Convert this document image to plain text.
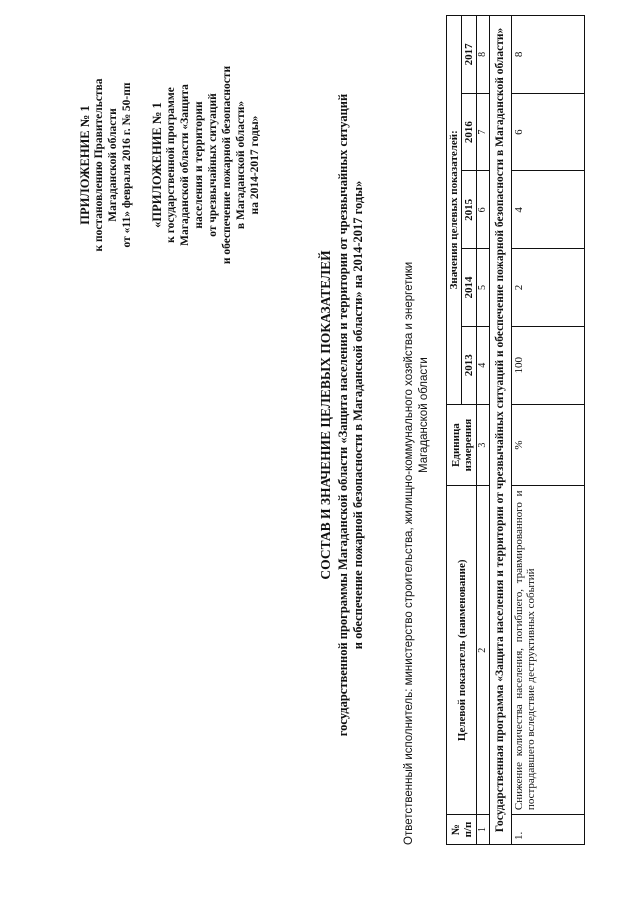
ПРИЛОЖЕНИЕ № 1 к постановлению Правительства Магаданской области от «11» февраля 2016 г. № 50-пп «ПРИЛОЖЕНИЕ № 1 к государственной программе Магаданской области «Защита населения и территории от чрезвычайных ситуаций и обеспечение пожарной безопасности в Магаданской области» на 2014-2017 годы»
СОСТАВ И ЗНАЧЕНИЕ ЦЕЛЕВЫХ ПОКАЗАТЕЛЕЙ государственной программы Магаданской области «Защита населения и территории от чрезвычайных ситуаций и обеспечение пожарной безопасности в Магаданской области» на 2014-2017 годы»	Ответственный исполнитель: министерство строительства, жилищно-коммунального хозяйства и энергетики Магаданской области
№ п/п	Целевой показатель (наименование)	Единица измерения	Значения целевых показателей:				
			2013	2014	2015	2016	2017
1	2	3	4	5	6	7	8
Государственная программа «Защита населения и территории от чрезвычайных ситуаций и обеспечение пожарной безопасности в Магаданской области»							
1.	Снижение количества населения, погибшего, травмированного и пострадавшего вследствие деструктивных событий	%	100	2	4	6	8
